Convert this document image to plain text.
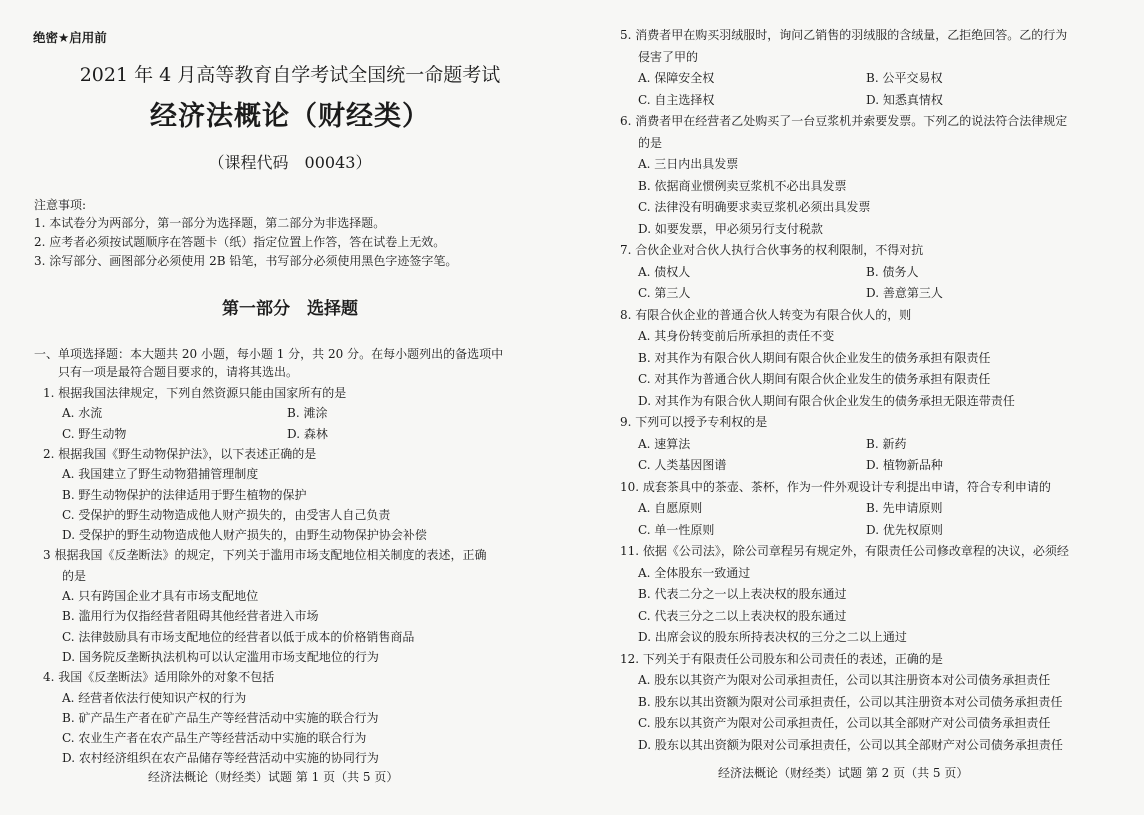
绝密★启用前
2021 年 4 月高等教育自学考试全国统一命题考试
经济法概论（财经类）
（课程代码　00043）
注意事项:
1. 本试卷分为两部分，第一部分为选择题，第二部分为非选择题。
2. 应考者必须按试题顺序在答题卡（纸）指定位置上作答，答在试卷上无效。
3. 涂写部分、画图部分必须使用 2B 铅笔，书写部分必须使用黑色字迹签字笔。
第一部分　选择题
一、单项选择题：本大题共 20 小题，每小题 1 分，共 20 分。在每小题列出的备选项中
只有一项是最符合题目要求的，请将其选出。
1. 根据我国法律规定，下列自然资源只能由国家所有的是
A. 水流	B. 滩涂
C. 野生动物	D. 森林
2. 根据我国《野生动物保护法》，以下表述正确的是
A. 我国建立了野生动物猎捕管理制度
B. 野生动物保护的法律适用于野生植物的保护
C. 受保护的野生动物造成他人财产损失的，由受害人自己负责
D. 受保护的野生动物造成他人财产损失的，由野生动物保护协会补偿
3 根据我国《反垄断法》的规定，下列关于滥用市场支配地位相关制度的表述，正确
的是
A. 只有跨国企业才具有市场支配地位
B. 滥用行为仅指经营者阻碍其他经营者进入市场
C. 法律鼓励具有市场支配地位的经营者以低于成本的价格销售商品
D. 国务院反垄断执法机构可以认定滥用市场支配地位的行为
4. 我国《反垄断法》适用除外的对象不包括
A. 经营者依法行使知识产权的行为
B. 矿产品生产者在矿产品生产等经营活动中实施的联合行为
C. 农业生产者在农产品生产等经营活动中实施的联合行为
D. 农村经济组织在农产品储存等经营活动中实施的协同行为
经济法概论（财经类）试题 第 1 页（共 5 页）
5. 消费者甲在购买羽绒服时，询问乙销售的羽绒服的含绒量，乙拒绝回答。乙的行为
侵害了甲的
A. 保障安全权	B. 公平交易权
C. 自主选择权	D. 知悉真情权
6. 消费者甲在经营者乙处购买了一台豆浆机并索要发票。下列乙的说法符合法律规定
的是
A. 三日内出具发票
B. 依据商业惯例卖豆浆机不必出具发票
C. 法律没有明确要求卖豆浆机必须出具发票
D. 如要发票，甲必须另行支付税款
7. 合伙企业对合伙人执行合伙事务的权利限制，不得对抗
A. 债权人	B. 债务人
C. 第三人	D. 善意第三人
8. 有限合伙企业的普通合伙人转变为有限合伙人的，则
A. 其身份转变前后所承担的责任不变
B. 对其作为有限合伙人期间有限合伙企业发生的债务承担有限责任
C. 对其作为普通合伙人期间有限合伙企业发生的债务承担有限责任
D. 对其作为有限合伙人期间有限合伙企业发生的债务承担无限连带责任
9. 下列可以授予专利权的是
A. 速算法	B. 新药
C. 人类基因图谱	D. 植物新品种
10. 成套茶具中的茶壶、茶杯，作为一件外观设计专利提出申请，符合专利申请的
A. 自愿原则	B. 先申请原则
C. 单一性原则	D. 优先权原则
11. 依据《公司法》，除公司章程另有规定外，有限责任公司修改章程的决议，必须经
A. 全体股东一致通过
B. 代表二分之一以上表决权的股东通过
C. 代表三分之二以上表决权的股东通过
D. 出席会议的股东所持表决权的三分之二以上通过
12. 下列关于有限责任公司股东和公司责任的表述，正确的是
A. 股东以其资产为限对公司承担责任，公司以其注册资本对公司债务承担责任
B. 股东以其出资额为限对公司承担责任，公司以其注册资本对公司债务承担责任
C. 股东以其资产为限对公司承担责任，公司以其全部财产对公司债务承担责任
D. 股东以其出资额为限对公司承担责任，公司以其全部财产对公司债务承担责任
经济法概论（财经类）试题 第 2 页（共 5 页）
